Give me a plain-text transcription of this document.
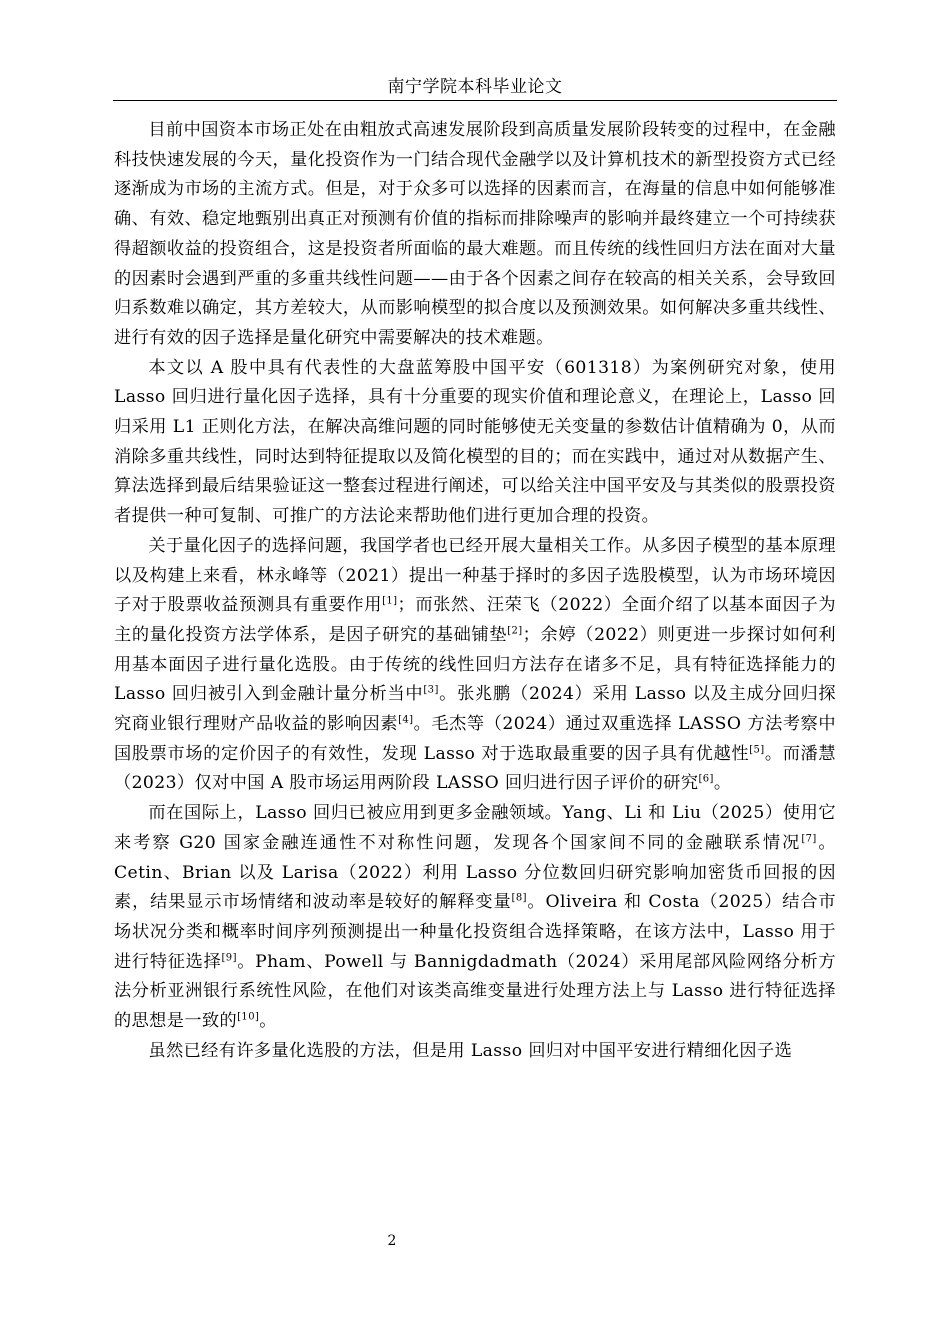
南宁学院本科毕业论文

目前中国资本市场正处在由粗放式高速发展阶段到高质量发展阶段转变的过程中，在金融科技快速发展的今天，量化投资作为一门结合现代金融学以及计算机技术的新型投资方式已经逐渐成为市场的主流方式。但是，对于众多可以选择的因素而言，在海量的信息中如何能够准确、有效、稳定地甄别出真正对预测有价值的指标而排除噪声的影响并最终建立一个可持续获得超额收益的投资组合，这是投资者所面临的最大难题。而且传统的线性回归方法在面对大量的因素时会遇到严重的多重共线性问题——由于各个因素之间存在较高的相关关系，会导致回归系数难以确定，其方差较大，从而影响模型的拟合度以及预测效果。如何解决多重共线性、进行有效的因子选择是量化研究中需要解决的技术难题。

本文以 A 股中具有代表性的大盘蓝筹股中国平安（601318）为案例研究对象，使用 Lasso 回归进行量化因子选择，具有十分重要的现实价值和理论意义，在理论上，Lasso 回归采用 L1 正则化方法，在解决高维问题的同时能够使无关变量的参数估计值精确为 0，从而消除多重共线性，同时达到特征提取以及简化模型的目的；而在实践中，通过对从数据产生、算法选择到最后结果验证这一整套过程进行阐述，可以给关注中国平安及与其类似的股票投资者提供一种可复制、可推广的方法论来帮助他们进行更加合理的投资。

关于量化因子的选择问题，我国学者也已经开展大量相关工作。从多因子模型的基本原理以及构建上来看，林永峰等（2021）提出一种基于择时的多因子选股模型，认为市场环境因子对于股票收益预测具有重要作用[1]；而张然、汪荣飞（2022）全面介绍了以基本面因子为主的量化投资方法学体系，是因子研究的基础铺垫[2]；余婷（2022）则更进一步探讨如何利用基本面因子进行量化选股。由于传统的线性回归方法存在诸多不足，具有特征选择能力的 Lasso 回归被引入到金融计量分析当中[3]。张兆鹏（2024）采用 Lasso 以及主成分回归探究商业银行理财产品收益的影响因素[4]。毛杰等（2024）通过双重选择 LASSO 方法考察中国股票市场的定价因子的有效性，发现 Lasso 对于选取最重要的因子具有优越性[5]。而潘慧（2023）仅对中国 A 股市场运用两阶段 LASSO 回归进行因子评价的研究[6]。

而在国际上，Lasso 回归已被应用到更多金融领域。Yang、Li 和 Liu（2025）使用它来考察 G20 国家金融连通性不对称性问题，发现各个国家间不同的金融联系情况[7]。Cetin、Brian 以及 Larisa（2022）利用 Lasso 分位数回归研究影响加密货币回报的因素，结果显示市场情绪和波动率是较好的解释变量[8]。Oliveira 和 Costa（2025）结合市场状况分类和概率时间序列预测提出一种量化投资组合选择策略，在该方法中，Lasso 用于进行特征选择[9]。Pham、Powell 与 Bannigdadmath（2024）采用尾部风险网络分析方法分析亚洲银行系统性风险，在他们对该类高维变量进行处理方法上与 Lasso 进行特征选择的思想是一致的[10]。

虽然已经有许多量化选股的方法，但是用 Lasso 回归对中国平安进行精细化因子选

2
